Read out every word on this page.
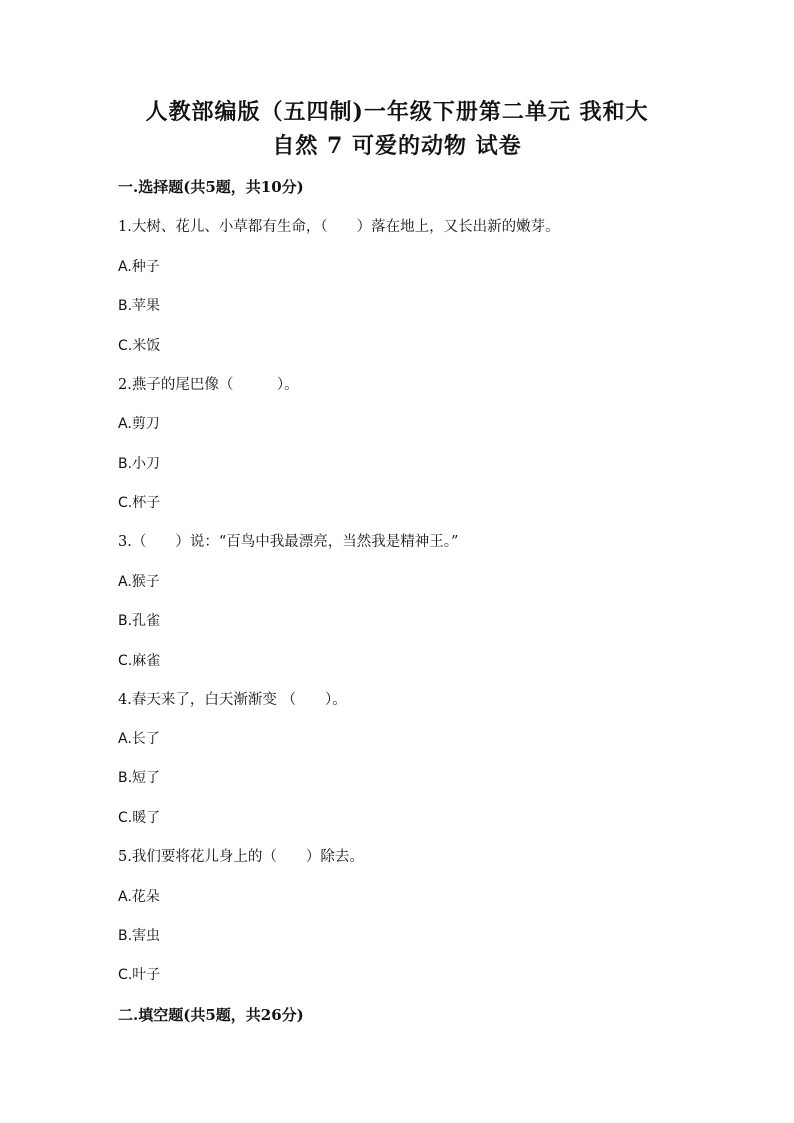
人教部编版（五四制)一年级下册第二单元 我和大
自然 7 可爱的动物 试卷
一.选择题(共5题，共10分)
1.大树、花儿、小草都有生命，（　　）落在地上，又长出新的嫩芽。
A.种子
B.苹果
C.米饭
2.燕子的尾巴像（　　　）。
A.剪刀
B.小刀
C.杯子
3.（　　）说：“百鸟中我最漂亮，当然我是精神王。”
A.猴子
B.孔雀
C.麻雀
4.春天来了，白天渐渐变 （　　）。
A.长了
B.短了
C.暖了
5.我们要将花儿身上的（　　）除去。
A.花朵
B.害虫
C.叶子
二.填空题(共5题，共26分)
